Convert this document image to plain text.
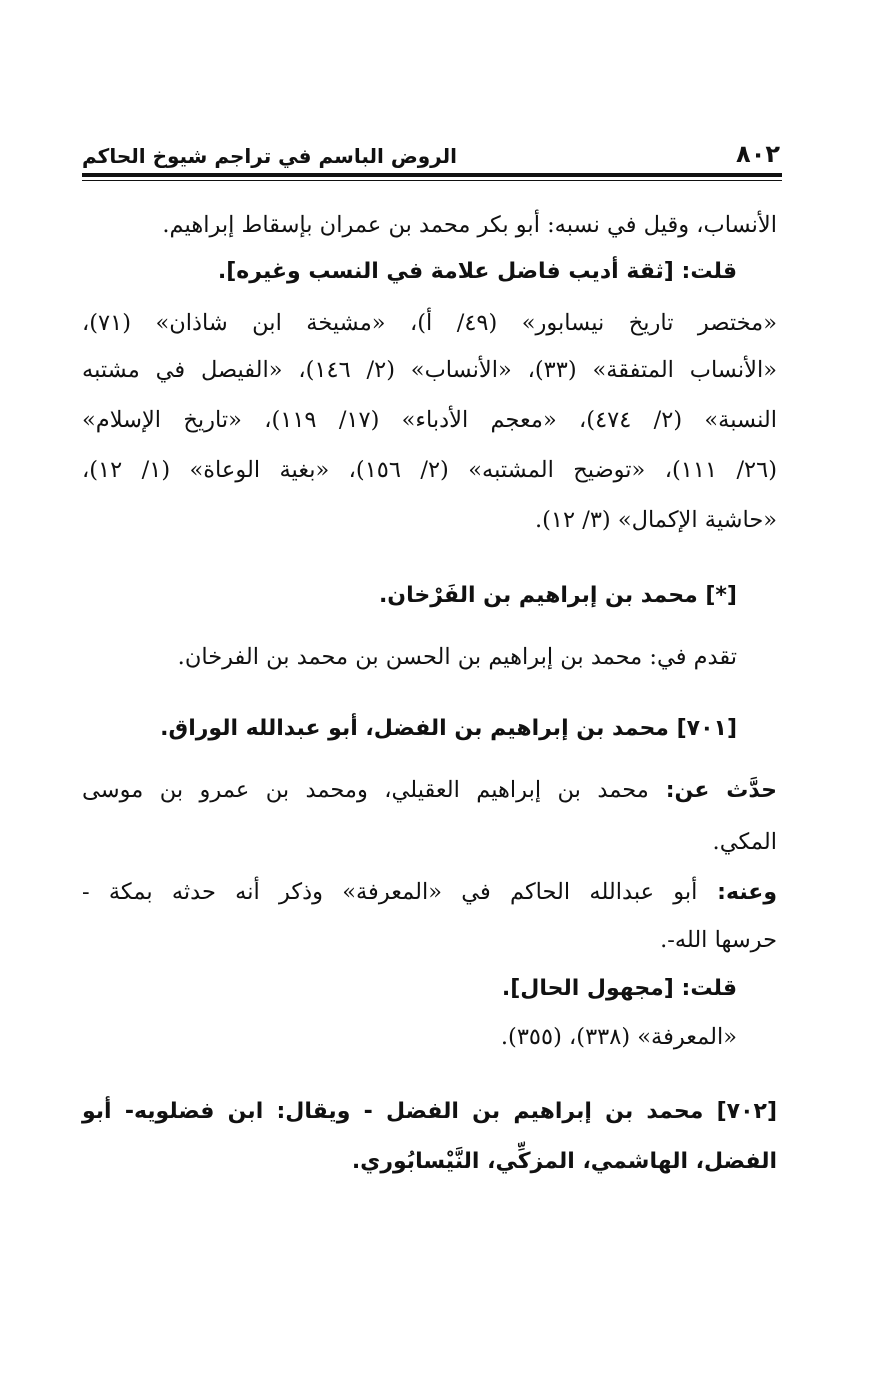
٨٠٢
الروض الباسم في تراجم شيوخ الحاكم
الأنساب، وقيل في نسبه: أبو بكر محمد بن عمران بإسقاط إبراهيم.
قلت: [ثقة أديب فاضل علامة في النسب وغيره].
«مختصر تاريخ نيسابور» (٤٩/ أ)، «مشيخة ابن شاذان» (٧١)،
«الأنساب المتفقة» (٣٣)، «الأنساب» (٢/ ١٤٦)، «الفيصل في مشتبه
النسبة» (٢/ ٤٧٤)، «معجم الأدباء» (١٧/ ١١٩)، «تاريخ الإسلام»
(٢٦/ ١١١)، «توضيح المشتبه» (٢/ ١٥٦)، «بغية الوعاة» (١/ ١٢)،
«حاشية الإكمال» (٣/ ١٢).
[*] محمد بن إبراهيم بن الفَرْخان.
تقدم في: محمد بن إبراهيم بن الحسن بن محمد بن الفرخان.
[٧٠١] محمد بن إبراهيم بن الفضل، أبو عبدالله الوراق.
حدَّث عن: محمد بن إبراهيم العقيلي، ومحمد بن عمرو بن موسى
المكي.
وعنه: أبو عبدالله الحاكم في «المعرفة» وذكر أنه حدثه بمكة -
حرسها الله-.
قلت: [مجهول الحال].
«المعرفة» (٣٣٨)، (٣٥٥).
[٧٠٢] محمد بن إبراهيم بن الفضل - ويقال: ابن فضلويه- أبو
الفضل، الهاشمي، المزكِّي، النَّيْسابُوري.
